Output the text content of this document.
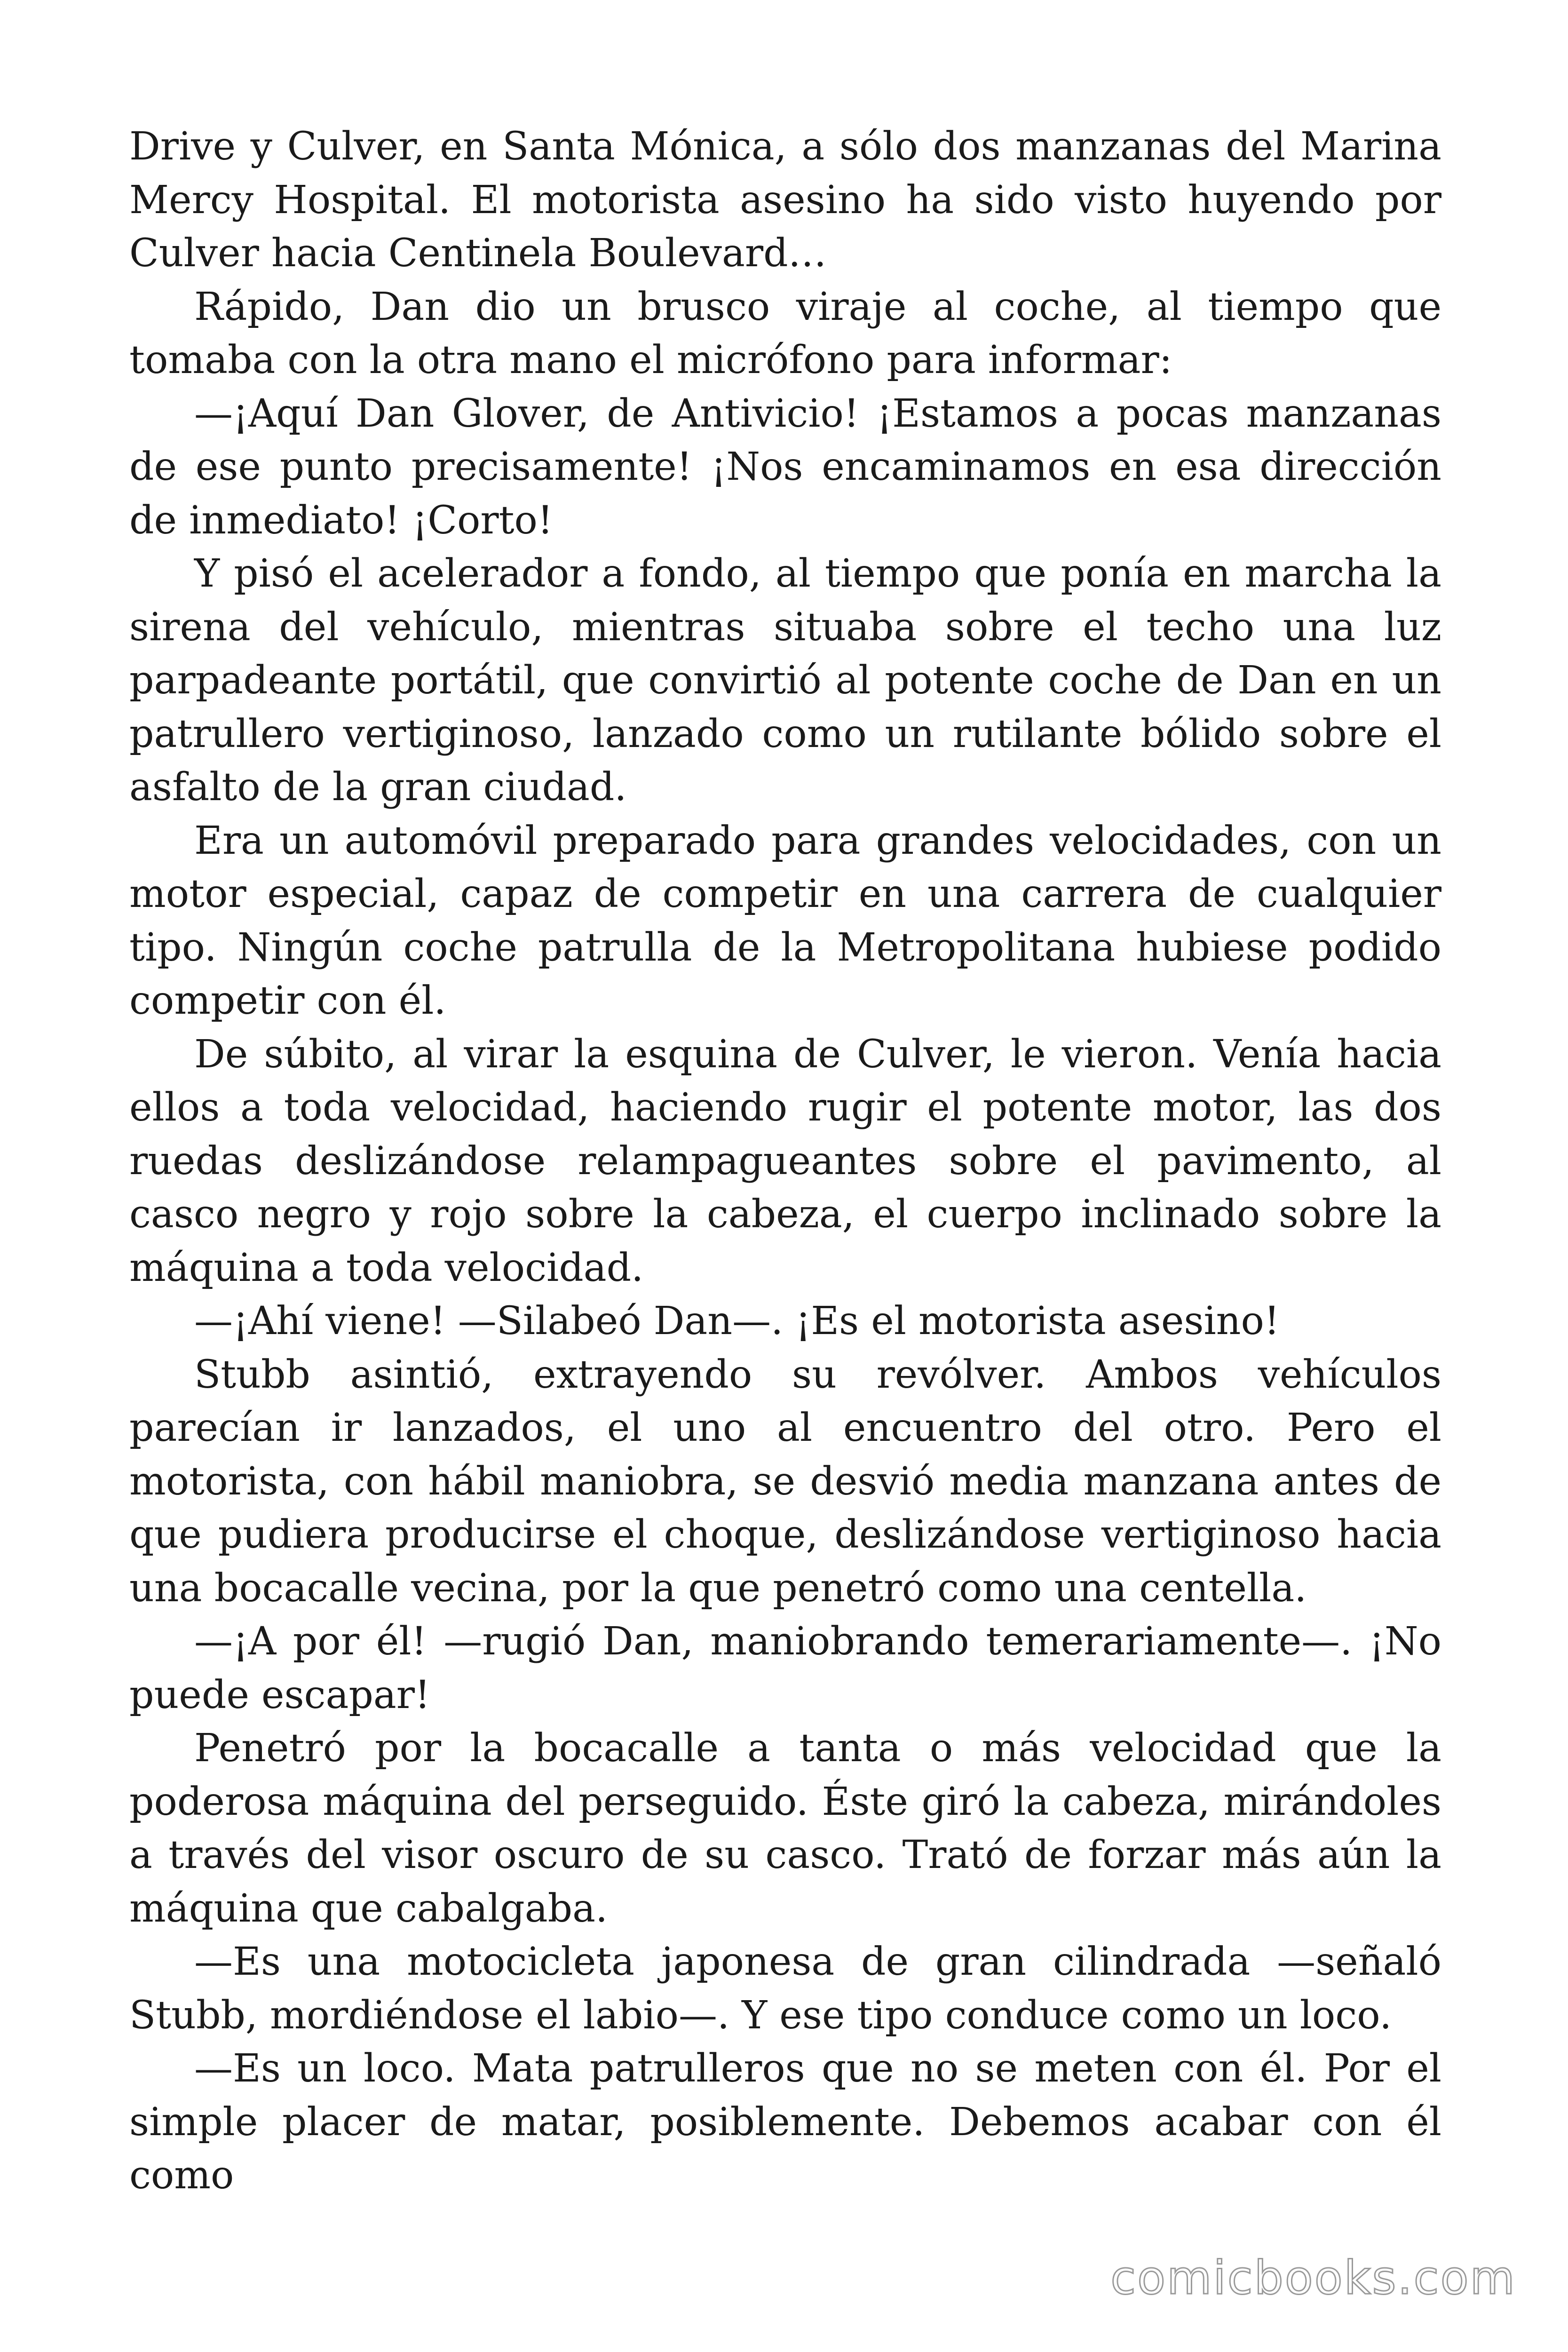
Drive y Culver, en Santa Mónica, a sólo dos manzanas del Marina Mercy Hospital. El motorista asesino ha sido visto huyendo por Culver hacia Centinela Boulevard…

Rápido, Dan dio un brusco viraje al coche, al tiempo que tomaba con la otra mano el micrófono para informar:

—¡Aquí Dan Glover, de Antivicio! ¡Estamos a pocas manzanas de ese punto precisamente! ¡Nos encaminamos en esa dirección de inmediato! ¡Corto!

Y pisó el acelerador a fondo, al tiempo que ponía en marcha la sirena del vehículo, mientras situaba sobre el techo una luz parpadeante portátil, que convirtió al potente coche de Dan en un patrullero vertiginoso, lanzado como un rutilante bólido sobre el asfalto de la gran ciudad.

Era un automóvil preparado para grandes velocidades, con un motor especial, capaz de competir en una carrera de cualquier tipo. Ningún coche patrulla de la Metropolitana hubiese podido competir con él.

De súbito, al virar la esquina de Culver, le vieron. Venía hacia ellos a toda velocidad, haciendo rugir el potente motor, las dos ruedas deslizándose relampagueantes sobre el pavimento, al casco negro y rojo sobre la cabeza, el cuerpo inclinado sobre la máquina a toda velocidad.

—¡Ahí viene! —Silabeó Dan—. ¡Es el motorista asesino!

Stubb asintió, extrayendo su revólver. Ambos vehículos parecían ir lanzados, el uno al encuentro del otro. Pero el motorista, con hábil maniobra, se desvió media manzana antes de que pudiera producirse el choque, deslizándose vertiginoso hacia una bocacalle vecina, por la que penetró como una centella.

—¡A por él! —rugió Dan, maniobrando temerariamente—. ¡No puede escapar!

Penetró por la bocacalle a tanta o más velocidad que la poderosa máquina del perseguido. Éste giró la cabeza, mirándoles a través del visor oscuro de su casco. Trató de forzar más aún la máquina que cabalgaba.

—Es una motocicleta japonesa de gran cilindrada —señaló Stubb, mordiéndose el labio—. Y ese tipo conduce como un loco.

—Es un loco. Mata patrulleros que no se meten con él. Por el simple placer de matar, posiblemente. Debemos acabar con él como

comicbooks.com
